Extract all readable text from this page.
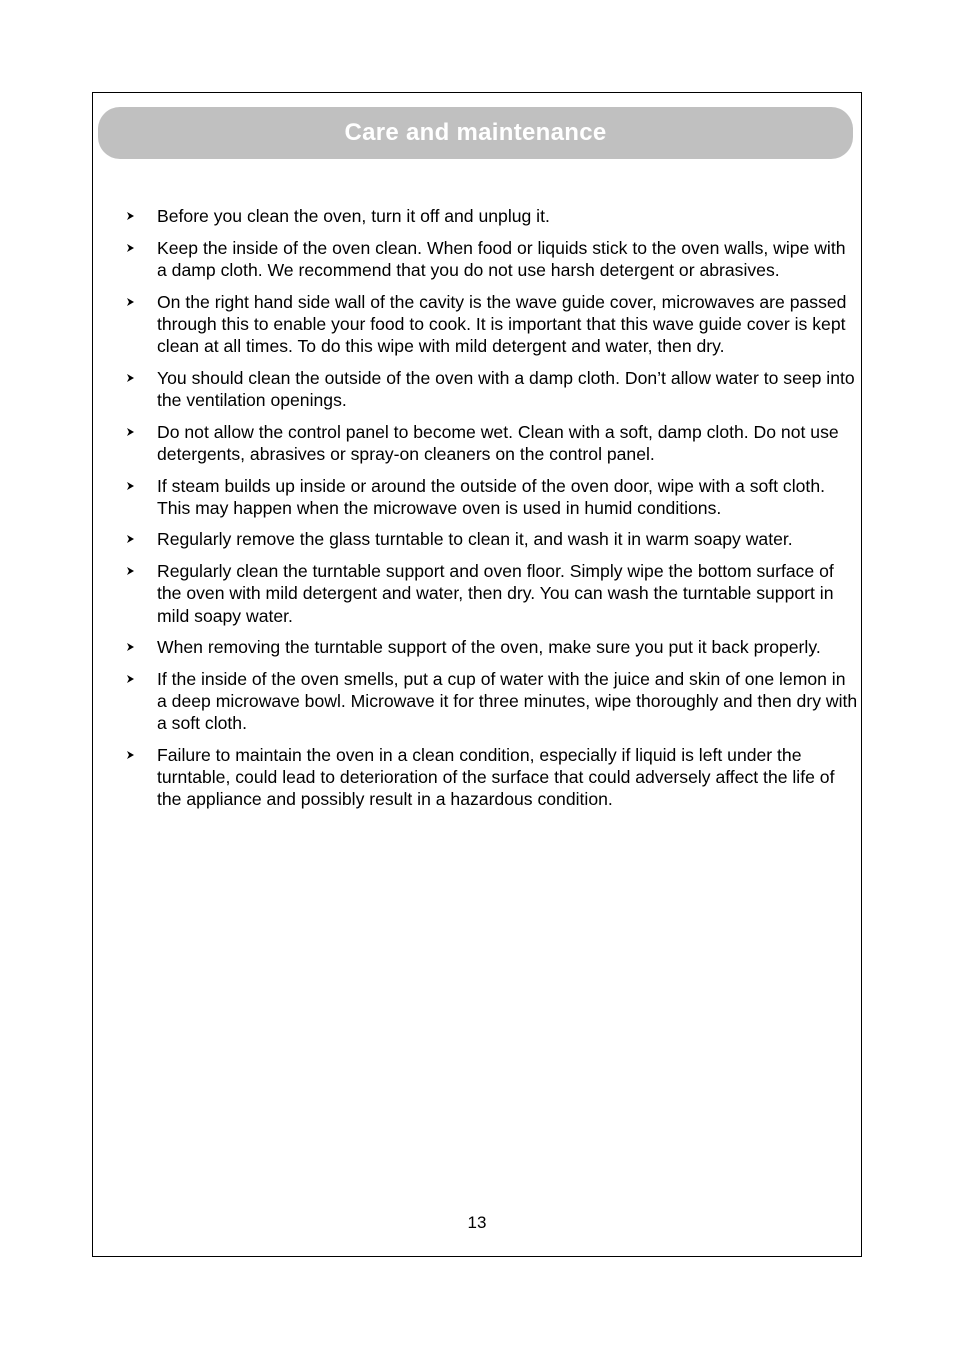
Care and maintenance
Before you clean the oven, turn it off and unplug it.
Keep the inside of the oven clean. When food or liquids stick to the oven walls, wipe with a damp cloth. We recommend that you do not use harsh detergent or abrasives.
On the right hand side wall of the cavity is the wave guide cover, microwaves are passed through this to enable your food to cook. It is important that this wave guide cover is kept clean at all times. To do this wipe with mild detergent and water, then dry.
You should clean the outside of the oven with a damp cloth. Don’t allow water to seep into the ventilation openings.
Do not allow the control panel to become wet. Clean with a soft, damp cloth. Do not use detergents, abrasives or spray-on cleaners on the control panel.
If steam builds up inside or around the outside of the oven door, wipe with a soft cloth. This may happen when the microwave oven is used in humid conditions.
Regularly remove the glass turntable to clean it, and wash it in warm soapy water.
Regularly clean the turntable support and oven floor. Simply wipe the bottom surface of the oven with mild detergent and water, then dry. You can wash the turntable support in mild soapy water.
When removing the turntable support of the oven, make sure you put it back properly.
If the inside of the oven smells, put a cup of water with the juice and skin of one lemon in a deep microwave bowl. Microwave it for three minutes, wipe thoroughly and then dry with a soft cloth.
Failure to maintain the oven in a clean condition, especially if liquid is left under the turntable, could lead to deterioration of the surface that could adversely affect the life of the appliance and possibly result in a hazardous condition.
13
